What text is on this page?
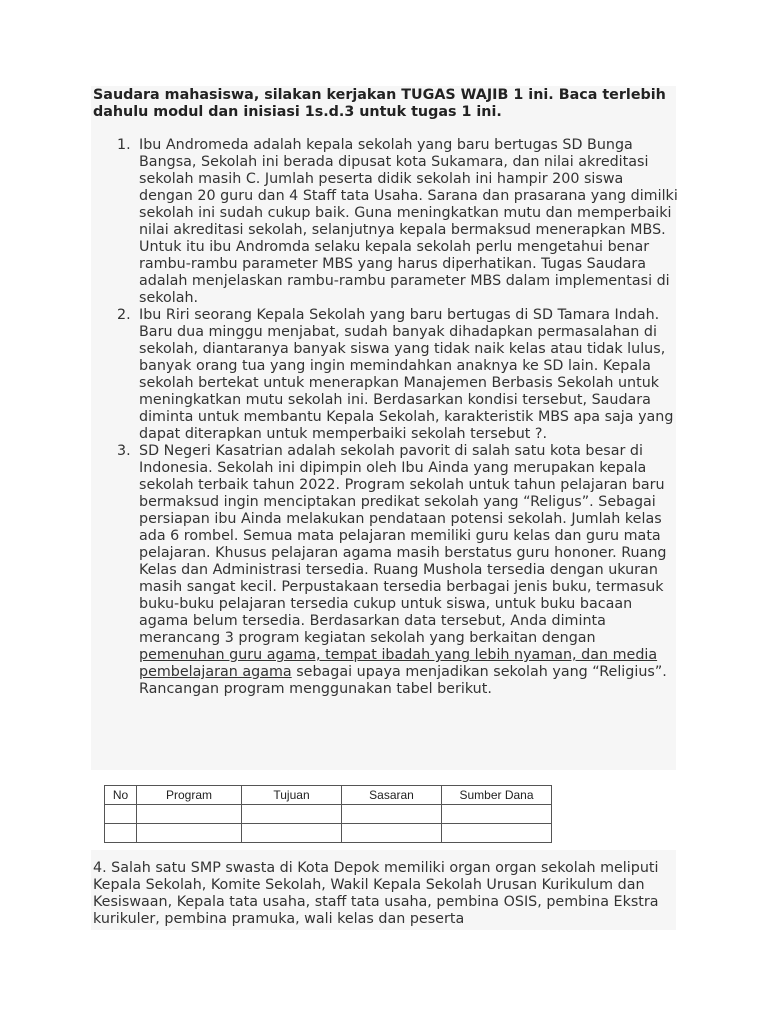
Saudara mahasiswa, silakan kerjakan TUGAS WAJIB 1 ini. Baca terlebih dahulu modul dan inisiasi 1s.d.3 untuk tugas 1 ini.
1. Ibu Andromeda adalah kepala sekolah yang baru bertugas SD Bunga Bangsa, Sekolah ini berada dipusat kota Sukamara, dan nilai akreditasi sekolah masih C. Jumlah peserta didik sekolah ini hampir 200 siswa dengan 20 guru dan 4 Staff tata Usaha. Sarana dan prasarana yang dimilki sekolah ini sudah cukup baik. Guna meningkatkan mutu dan memperbaiki nilai akreditasi sekolah, selanjutnya kepala bermaksud menerapkan MBS. Untuk itu ibu Andromda selaku kepala sekolah perlu mengetahui benar rambu-rambu parameter MBS yang harus diperhatikan. Tugas Saudara adalah menjelaskan rambu-rambu parameter MBS dalam implementasi di sekolah.
2. Ibu Riri seorang Kepala Sekolah yang baru bertugas di SD Tamara Indah. Baru dua minggu menjabat, sudah banyak dihadapkan permasalahan di sekolah, diantaranya banyak siswa yang tidak naik kelas atau tidak lulus, banyak orang tua yang ingin memindahkan anaknya ke SD lain. Kepala sekolah bertekat untuk menerapkan Manajemen Berbasis Sekolah untuk meningkatkan mutu sekolah ini. Berdasarkan kondisi tersebut, Saudara diminta untuk membantu Kepala Sekolah, karakteristik MBS apa saja yang dapat diterapkan untuk memperbaiki sekolah tersebut ?.
3. SD Negeri Kasatrian adalah sekolah pavorit di salah satu kota besar di Indonesia. Sekolah ini dipimpin oleh Ibu Ainda yang merupakan kepala sekolah terbaik tahun 2022. Program sekolah untuk tahun pelajaran baru bermaksud ingin menciptakan predikat sekolah yang “Religus”. Sebagai persiapan ibu Ainda melakukan pendataan potensi sekolah. Jumlah kelas ada 6 rombel. Semua mata pelajaran memiliki guru kelas dan guru mata pelajaran. Khusus pelajaran agama masih berstatus guru hononer. Ruang Kelas dan Administrasi tersedia. Ruang Mushola tersedia dengan ukuran masih sangat kecil. Perpustakaan tersedia berbagai jenis buku, termasuk buku-buku pelajaran tersedia cukup untuk siswa, untuk buku bacaan agama belum tersedia. Berdasarkan data tersebut, Anda diminta merancang 3 program kegiatan sekolah yang berkaitan dengan pemenuhan guru agama, tempat ibadah yang lebih nyaman, dan media pembelajaran agama sebagai upaya menjadikan sekolah yang “Religius”. Rancangan program menggunakan tabel berikut.
No	Program	Tujuan	Sasaran	Sumber Dana

4. Salah satu SMP swasta di Kota Depok memiliki organ organ sekolah meliputi Kepala Sekolah, Komite Sekolah, Wakil Kepala Sekolah Urusan Kurikulum dan Kesiswaan, Kepala tata usaha, staff tata usaha, pembina OSIS, pembina Ekstra kurikuler, pembina pramuka, wali kelas dan peserta
